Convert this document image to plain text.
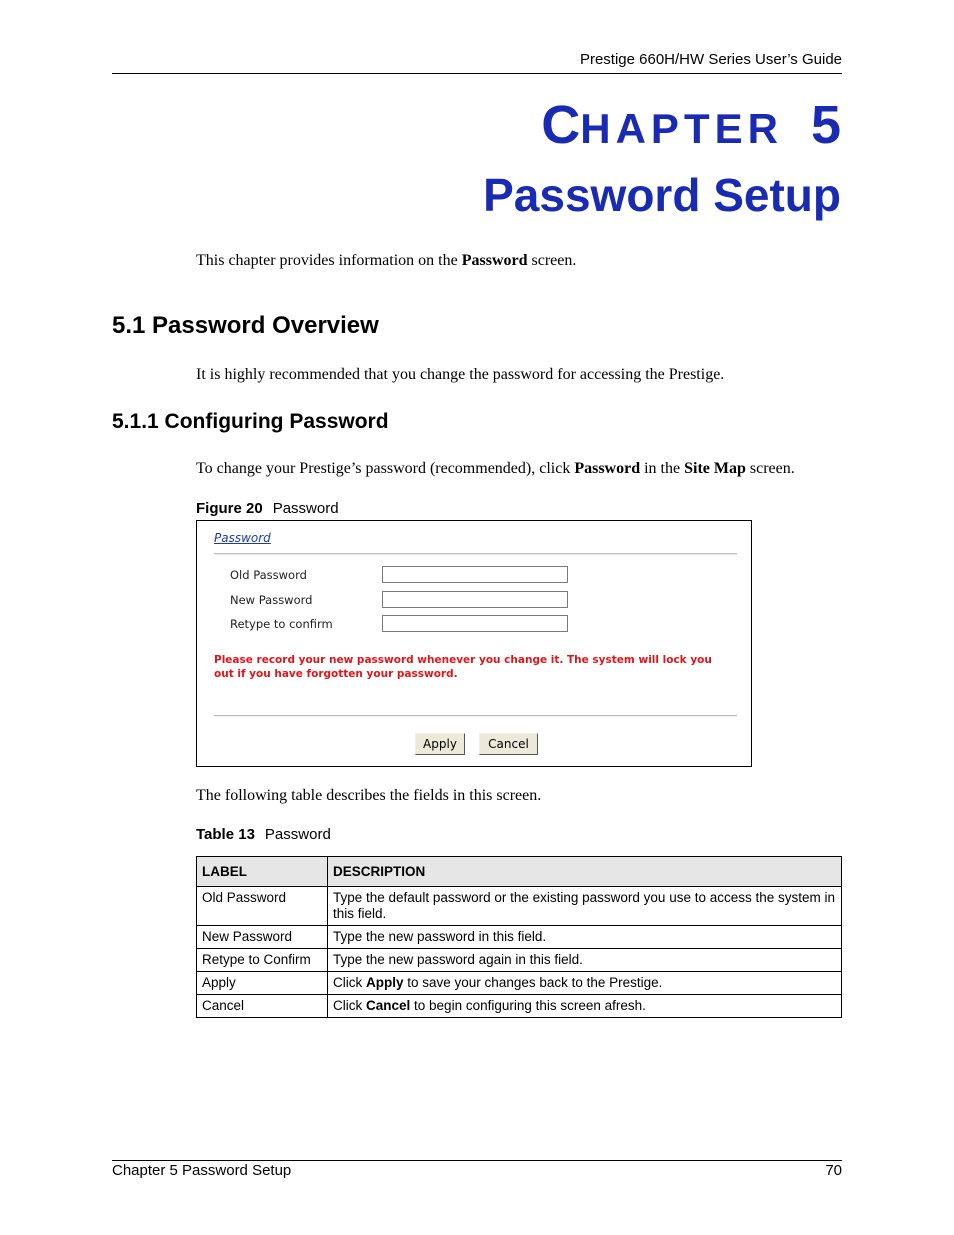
Prestige 660H/HW Series User’s Guide
CHAPTER 5
Password Setup
This chapter provides information on the Password screen.
5.1 Password Overview
It is highly recommended that you change the password for accessing the Prestige.
5.1.1 Configuring Password
To change your Prestige’s password (recommended), click Password in the Site Map screen.
Figure 20 Password
Password
Old Password
New Password
Retype to confirm
Please record your new password whenever you change it. The system will lock you out if you have forgotten your password.
Apply	Cancel
The following table describes the fields in this screen.
Table 13 Password
LABEL	DESCRIPTION
Old Password	Type the default password or the existing password you use to access the system in this field.
New Password	Type the new password in this field.
Retype to Confirm	Type the new password again in this field.
Apply	Click Apply to save your changes back to the Prestige.
Cancel	Click Cancel to begin configuring this screen afresh.
Chapter 5 Password Setup	70
